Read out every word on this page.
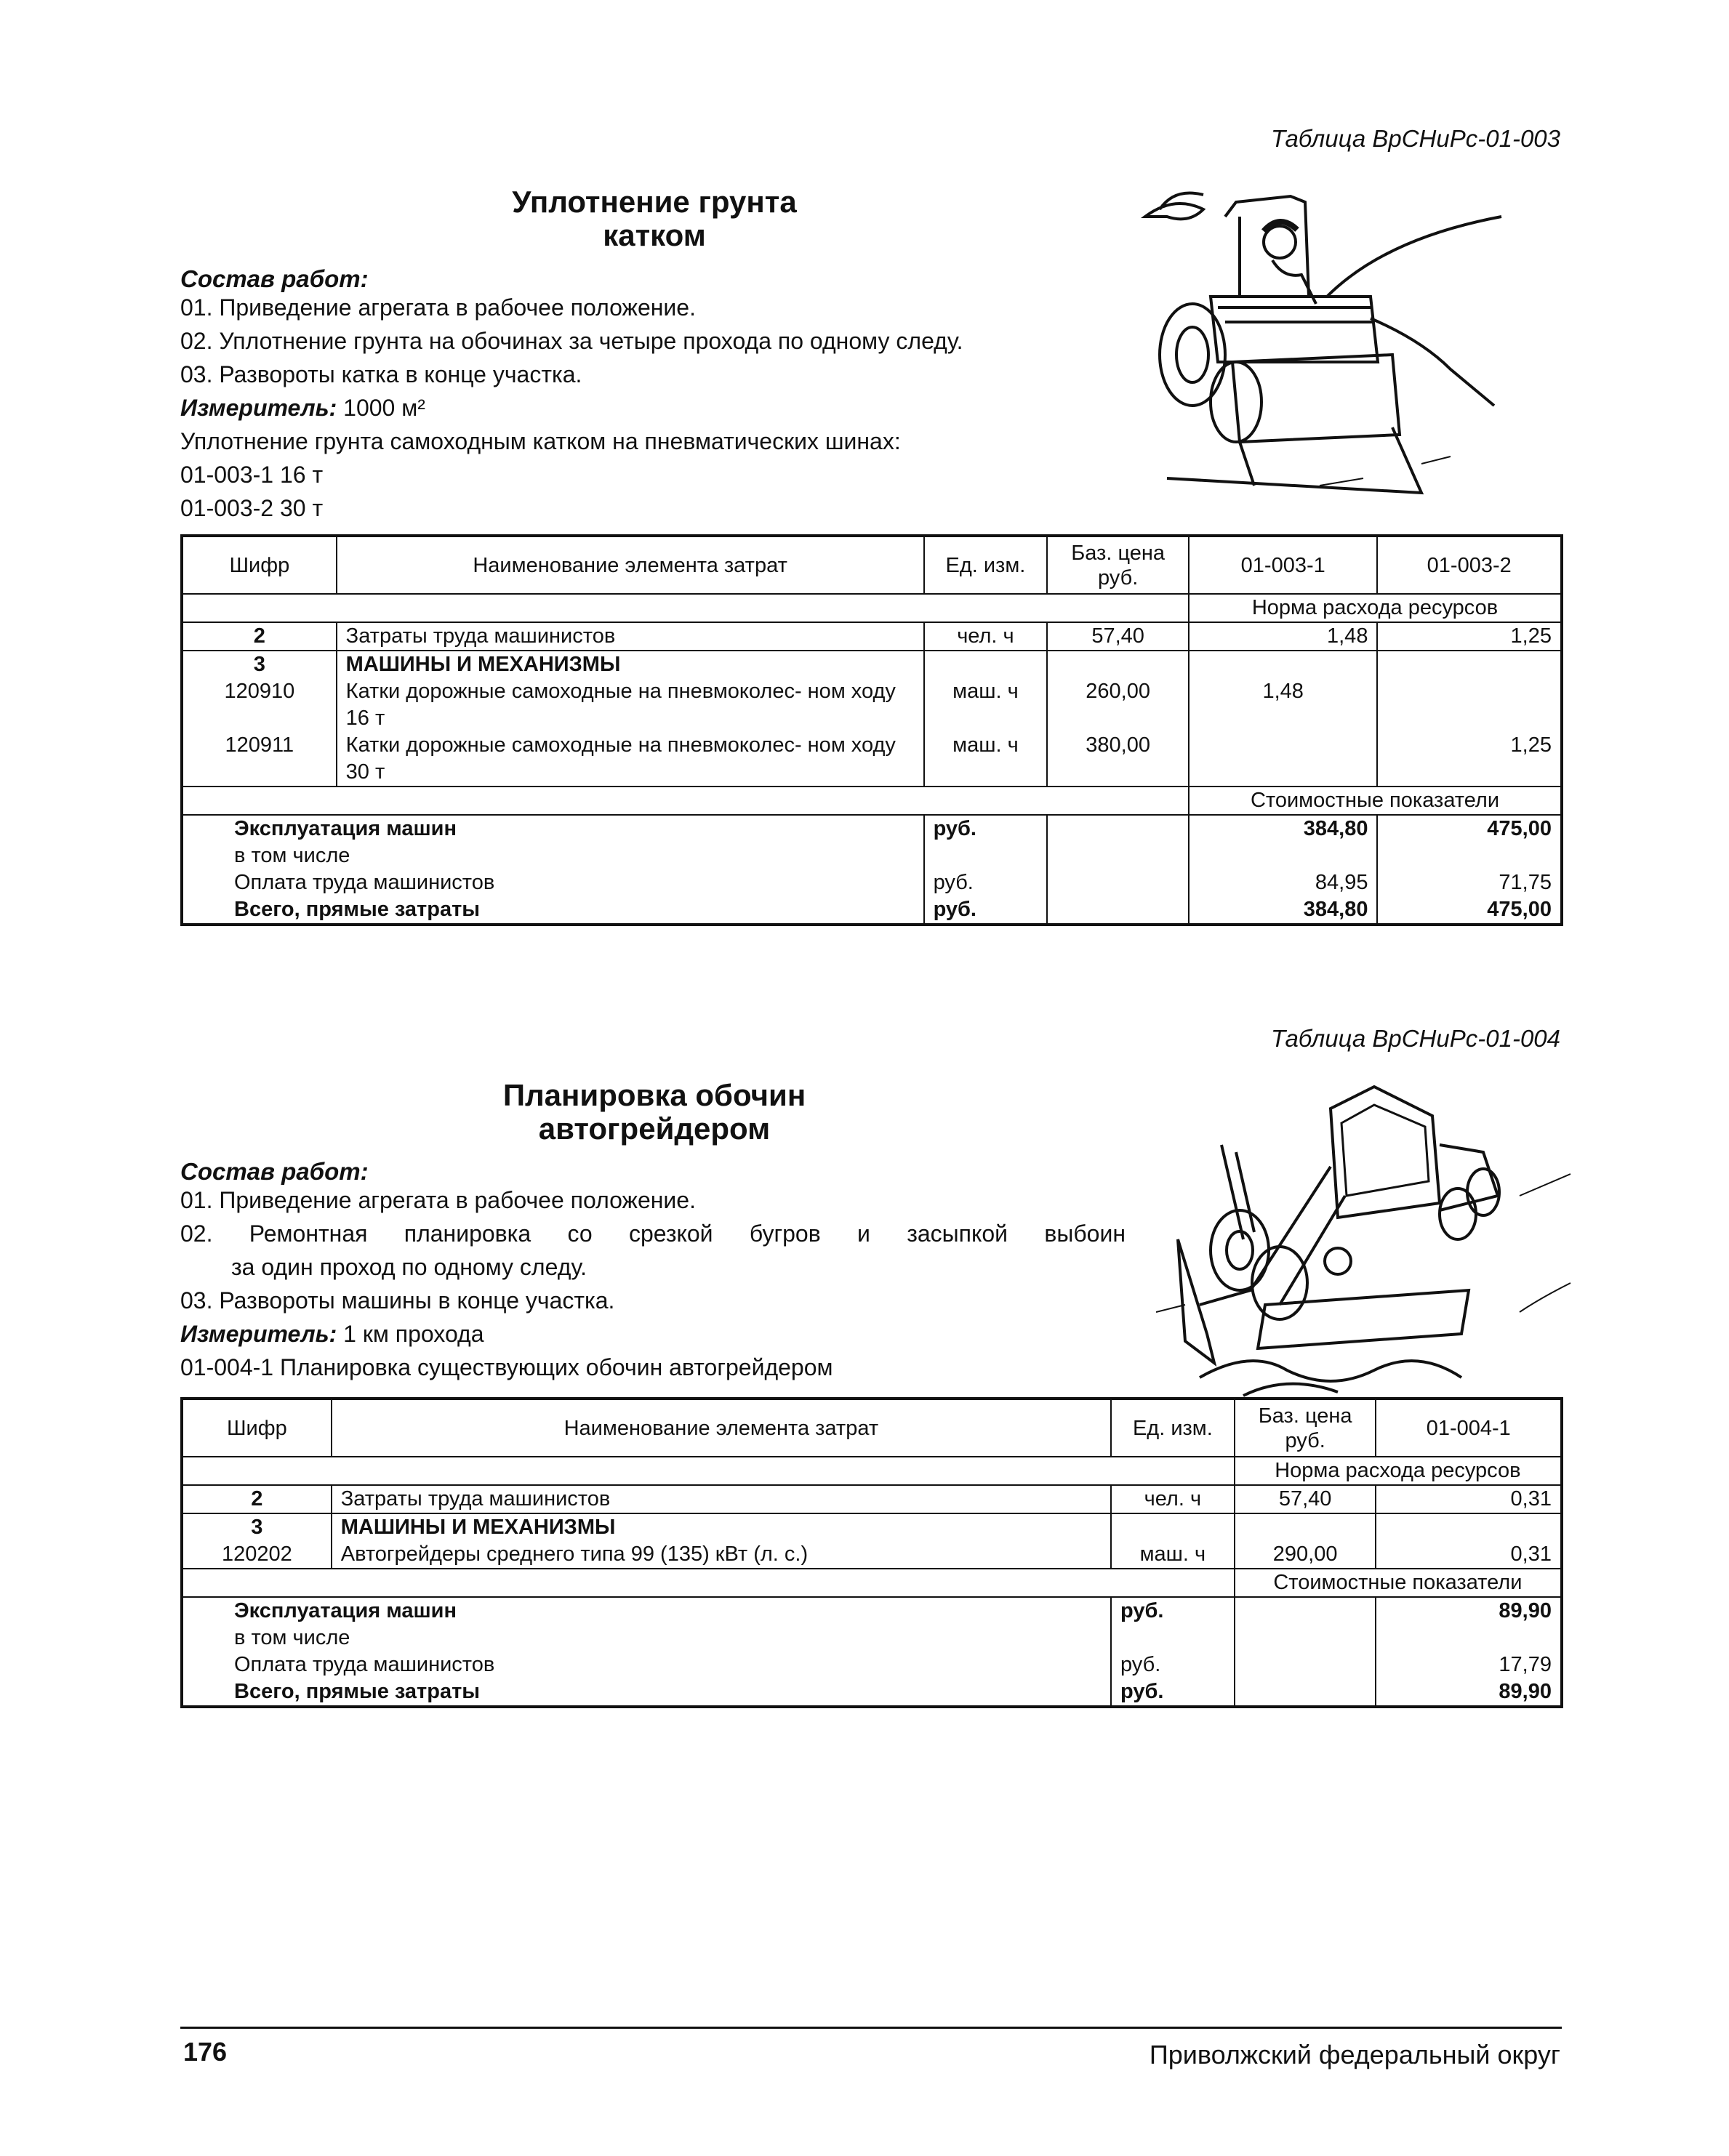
Таблица ВрСНиРс-01-003
Уплотнение грунта
катком
Состав работ:
01. Приведение агрегата в рабочее положение.
02. Уплотнение грунта на обочинах за четыре прохода по одному следу.
03. Развороты катка в конце участка.
Измеритель: 1000 м²
Уплотнение грунта самоходным катком на пневматических шинах:
01-003-1 16 т
01-003-2 30 т
Шифр	Наименование элемента затрат	Ед. изм.	Баз. цена руб.	01-003-1	01-003-2
				Норма расхода ресурсов	
2	Затраты труда машинистов	чел. ч	57,40	1,48	1,25
3	МАШИНЫ И МЕХАНИЗМЫ				
120910	Катки дорожные самоходные на пневмоколес- ном ходу 16 т	маш. ч	260,00	1,48	
120911	Катки дорожные самоходные на пневмоколес- ном ходу 30 т	маш. ч	380,00		1,25
				Стоимостные показатели	
Эксплуатация машин		руб.		384,80	475,00
в том числе					
Оплата труда машинистов		руб.		84,95	71,75
Всего, прямые затраты		руб.		384,80	475,00
Таблица ВрСНиРс-01-004
Планировка обочин
автогрейдером
Состав работ:
01. Приведение агрегата в рабочее положение.
02. Ремонтная планировка со срезкой бугров и засыпкой выбоин
за один проход по одному следу.
03. Развороты машины в конце участка.
Измеритель: 1 км прохода
01-004-1 Планировка существующих обочин автогрейдером
Шифр	Наименование элемента затрат	Ед. изм.	Баз. цена руб.	01-004-1
			Норма расхода ресурсов	
2	Затраты труда машинистов	чел. ч	57,40	0,31
3	МАШИНЫ И МЕХАНИЗМЫ			
120202	Автогрейдеры среднего типа 99 (135) кВт (л. с.)	маш. ч	290,00	0,31
			Стоимостные показатели	
Эксплуатация машин		руб.		89,90
в том числе				
Оплата труда машинистов		руб.		17,79
Всего, прямые затраты		руб.		89,90
176	Приволжский федеральный округ
